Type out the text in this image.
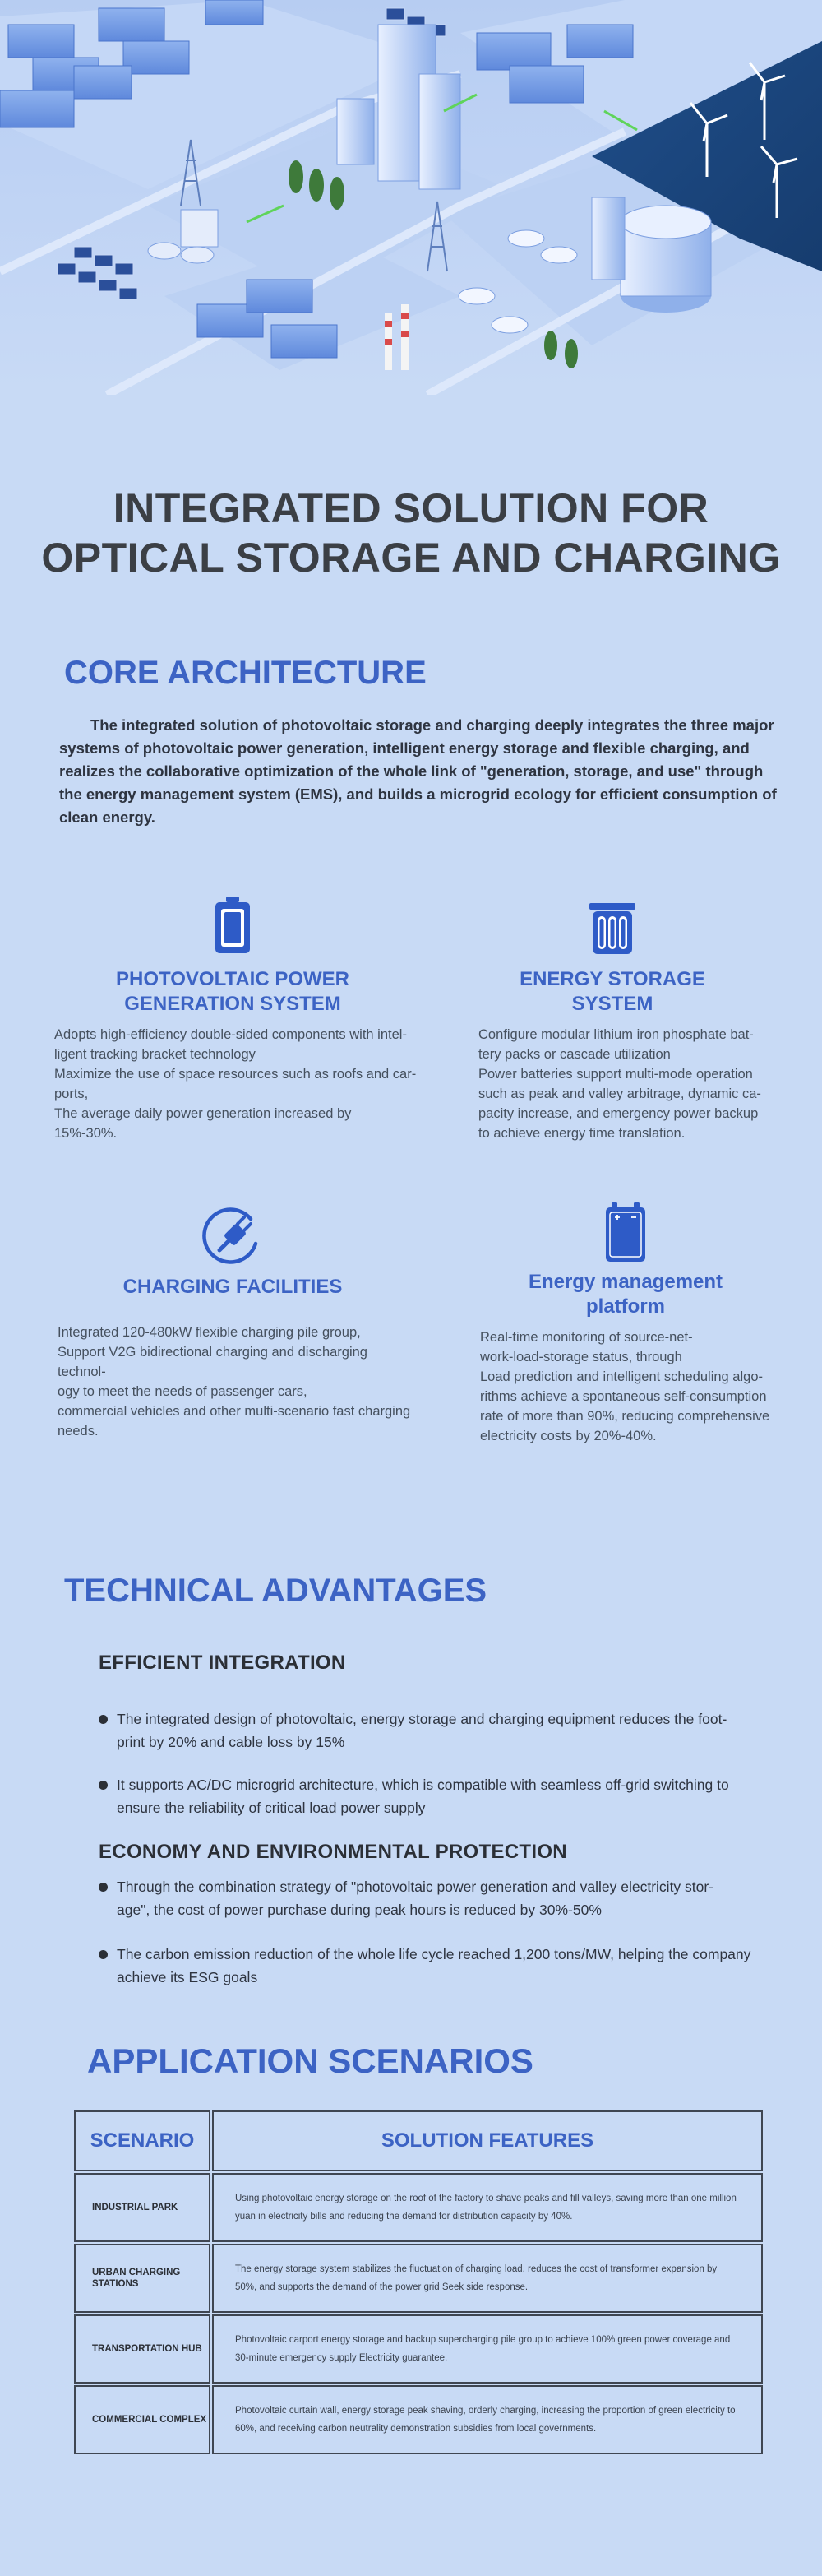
INTEGRATED SOLUTION FOR
OPTICAL STORAGE AND CHARGING
CORE ARCHITECTURE

The integrated solution of photovoltaic storage and charging deeply integrates the three major systems of photovoltaic power generation, intelligent energy storage and flexible charging, and realizes the collaborative optimization of the whole link of "generation, storage, and use" through the energy management system (EMS), and builds a microgrid ecology for efficient consumption of clean energy.

PHOTOVOLTAIC POWER
GENERATION SYSTEM
Adopts high-efficiency double-sided components with intel-
ligent tracking bracket technology
Maximize the use of space resources such as roofs and car-
ports,
The average daily power generation increased by 15%-30%.
ENERGY STORAGE
SYSTEM
Configure modular lithium iron phosphate bat-
tery packs or cascade utilization
Power batteries support multi-mode operation
such as peak and valley arbitrage, dynamic ca-
pacity increase, and emergency power backup
to achieve energy time translation.
CHARGING FACILITIES
Integrated 120-480kW flexible charging pile group,
Support V2G bidirectional charging and discharging technol-
ogy to meet the needs of passenger cars,
commercial vehicles and other multi-scenario fast charging
needs.
Energy management
platform
Real-time monitoring of source-net-
work-load-storage status, through
Load prediction and intelligent scheduling algo-
rithms achieve a spontaneous self-consumption
rate of more than 90%, reducing comprehensive
electricity costs by 20%-40%.
TECHNICAL ADVANTAGES
EFFICIENT INTEGRATION
The integrated design of photovoltaic, energy storage and charging equipment reduces the foot-
print by 20% and cable loss by 15%
It supports AC/DC microgrid architecture, which is compatible with seamless off-grid switching to
ensure the reliability of critical load power supply
ECONOMY AND ENVIRONMENTAL PROTECTION
Through the combination strategy of "photovoltaic power generation and valley electricity stor-
age", the cost of power purchase during peak hours is reduced by 30%-50%
The carbon emission reduction of the whole life cycle reached 1,200 tons/MW, helping the company
achieve its ESG goals
APPLICATION SCENARIOS
SCENARIO	SOLUTION FEATURES
INDUSTRIAL PARK
Using photovoltaic energy storage on the roof of the factory to shave peaks and fill valleys, saving more than one million yuan in electricity bills and reducing the demand for distribution capacity by 40%.
URBAN CHARGING STATIONS
The energy storage system stabilizes the fluctuation of charging load, reduces the cost of transformer expansion by 50%, and supports the demand of the power grid Seek side response.
TRANSPORTATION HUB
Photovoltaic carport energy storage and backup supercharging pile group to achieve 100% green power coverage and 30-minute emergency supply Electricity guarantee.
COMMERCIAL COMPLEX
Photovoltaic curtain wall, energy storage peak shaving, orderly charging, increasing the proportion of green electricity to 60%, and receiving carbon neutrality demonstration subsidies from local governments.
